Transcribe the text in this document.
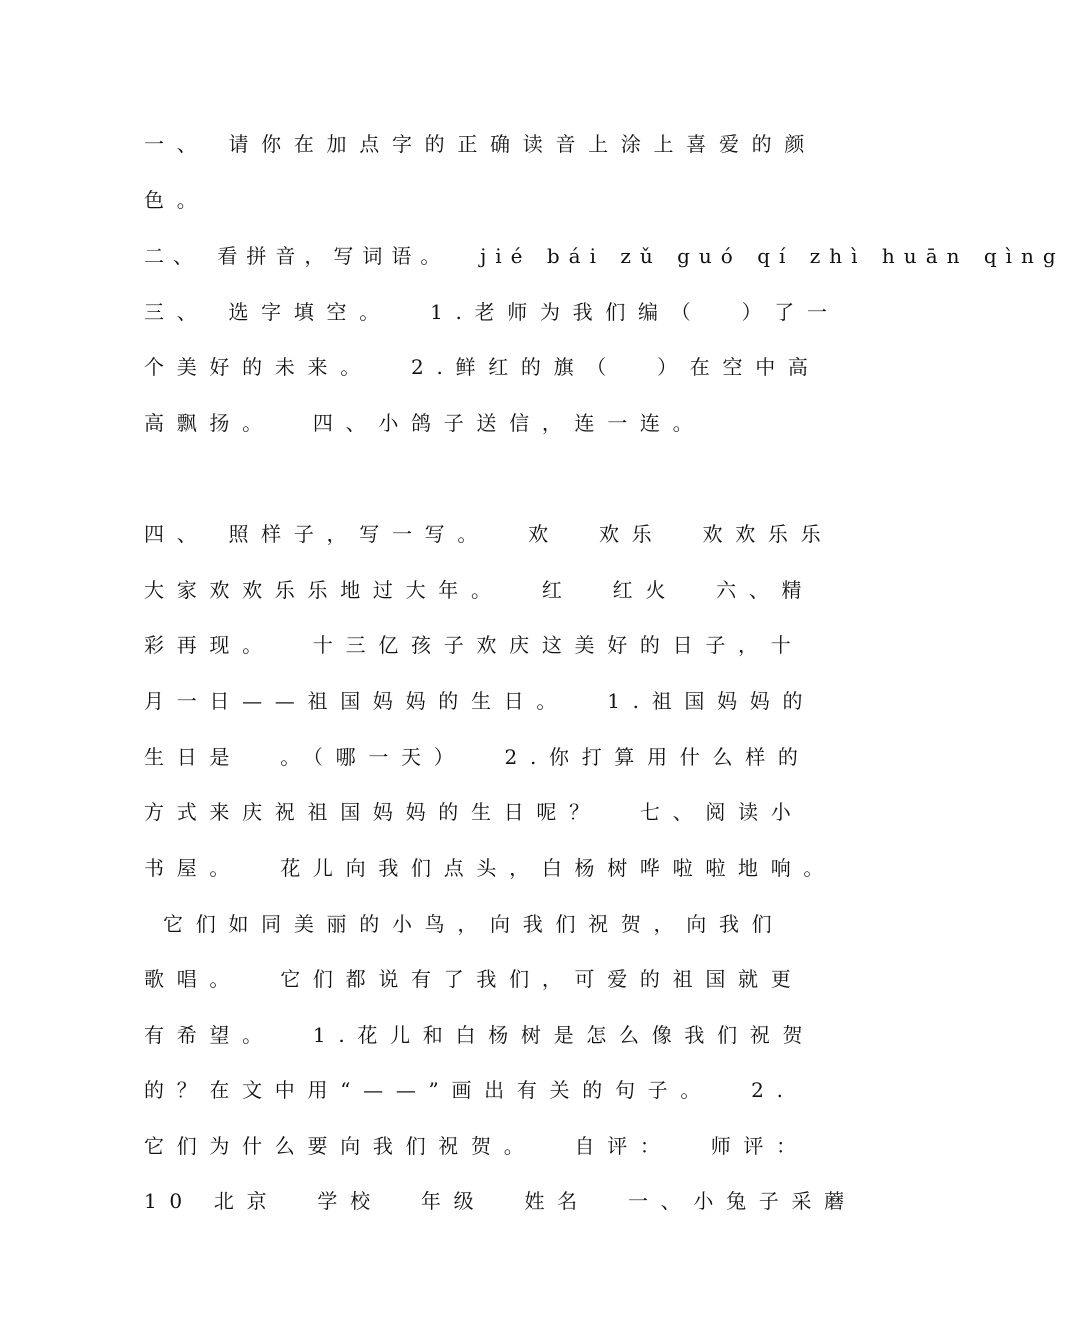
一、 请你在加点字的正确读音上涂上喜爱的颜
色。
二、 看拼音，写词语。  jié bái zǔ guó qí zhì huān qìng
三、 选字填空。  1.老师为我们编（  ）了一
个美好的未来。  2.鲜红的旗（  ）在空中高
高飘扬。  四、小鸽子送信，连一连。
四、 照样子，写一写。  欢  欢乐  欢欢乐乐
大家欢欢乐乐地过大年。  红  红火  六、精
彩再现。  十三亿孩子欢庆这美好的日子，十
月一日——祖国妈妈的生日。  1.祖国妈妈的
生日是  。（哪一天）  2.你打算用什么样的
方式来庆祝祖国妈妈的生日呢？  七、阅读小
书屋。  花儿向我们点头，白杨树哗啦啦地响。
它们如同美丽的小鸟，向我们祝贺，向我们
歌唱。  它们都说有了我们，可爱的祖国就更
有希望。  1.花儿和白杨树是怎么像我们祝贺
的？在文中用“——”画出有关的句子。  2.
它们为什么要向我们祝贺。  自评：  师评：
10 北京  学校  年级  姓名  一、小兔子采蘑
